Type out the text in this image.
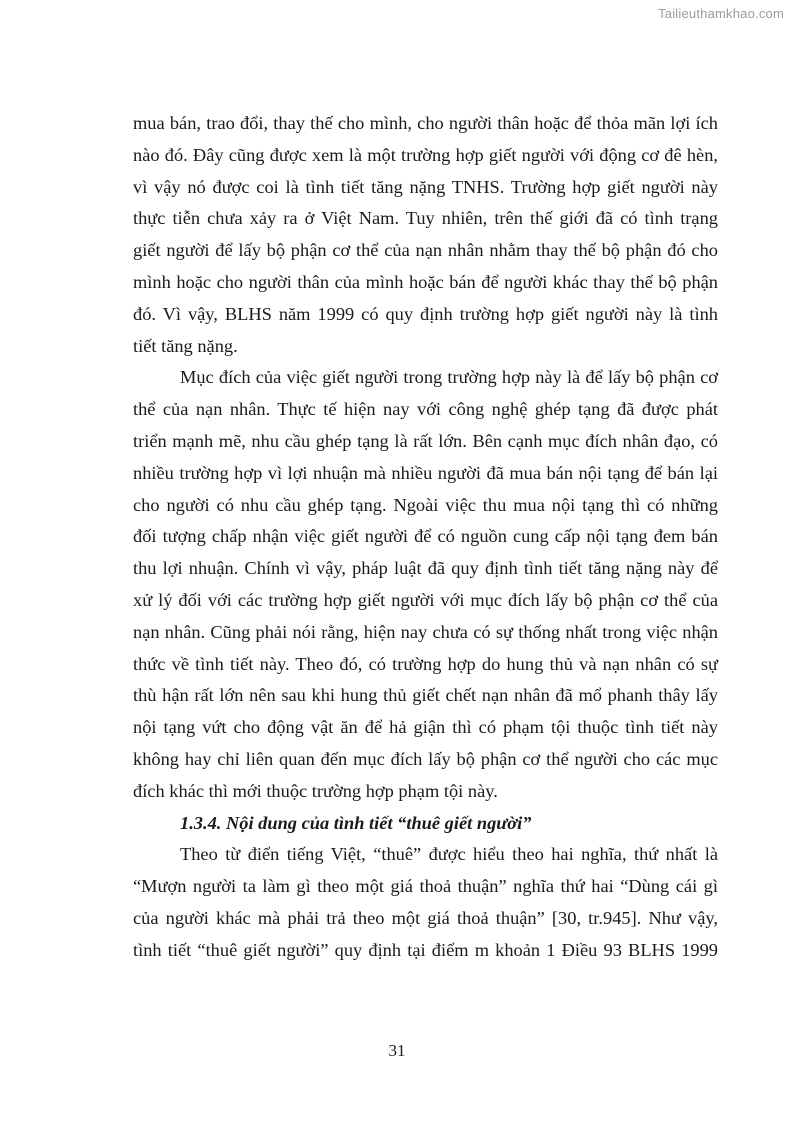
Tailieuthamkhao.com
mua bán, trao đổi, thay thế cho mình, cho người thân hoặc để thỏa mãn lợi ích
nào đó. Đây cũng được xem là một trường hợp giết người với động cơ đê hèn,
vì vậy nó được coi là tình tiết tăng nặng TNHS. Trường hợp giết người này
thực tiễn chưa xảy ra ở Việt Nam. Tuy nhiên, trên thế giới đã có tình trạng
giết người để lấy bộ phận cơ thể của nạn nhân nhằm thay thế bộ phận đó cho
mình hoặc cho người thân của mình hoặc bán để người khác thay thế bộ phận
đó. Vì vậy, BLHS năm 1999 có quy định trường hợp giết người này là tình
tiết tăng nặng.
Mục đích của việc giết người trong trường hợp này là để lấy bộ phận cơ
thể của nạn nhân. Thực tế hiện nay với công nghệ ghép tạng đã được phát
triển mạnh mẽ, nhu cầu ghép tạng là rất lớn. Bên cạnh mục đích nhân đạo, có
nhiều trường hợp vì lợi nhuận mà nhiều người đã mua bán nội tạng để bán lại
cho người có nhu cầu ghép tạng. Ngoài việc thu mua nội tạng thì có những
đối tượng chấp nhận việc giết người để có nguồn cung cấp nội tạng đem bán
thu lợi nhuận. Chính vì vậy, pháp luật đã quy định tình tiết tăng nặng này để
xử lý đối với các trường hợp giết người với mục đích lấy bộ phận cơ thể của
nạn nhân. Cũng phải nói rằng, hiện nay chưa có sự thống nhất trong việc nhận
thức về tình tiết này. Theo đó, có trường hợp do hung thủ và nạn nhân có sự
thù hận rất lớn nên sau khi hung thủ giết chết nạn nhân đã mổ phanh thây lấy
nội tạng vứt cho động vật ăn để hả giận thì có phạm tội thuộc tình tiết này
không hay chỉ liên quan đến mục đích lấy bộ phận cơ thể người cho các mục
đích khác thì mới thuộc trường hợp phạm tội này.
1.3.4. Nội dung của tình tiết “thuê giết người”
Theo từ điển tiếng Việt, “thuê” được hiểu theo hai nghĩa, thứ nhất là
“Mượn người ta làm gì theo một giá thoả thuận” nghĩa thứ hai “Dùng cái gì
của người khác mà phải trả theo một giá thoả thuận” [30, tr.945]. Như vậy,
tình tiết “thuê giết người” quy định tại điểm m khoản 1 Điều 93 BLHS 1999
31
